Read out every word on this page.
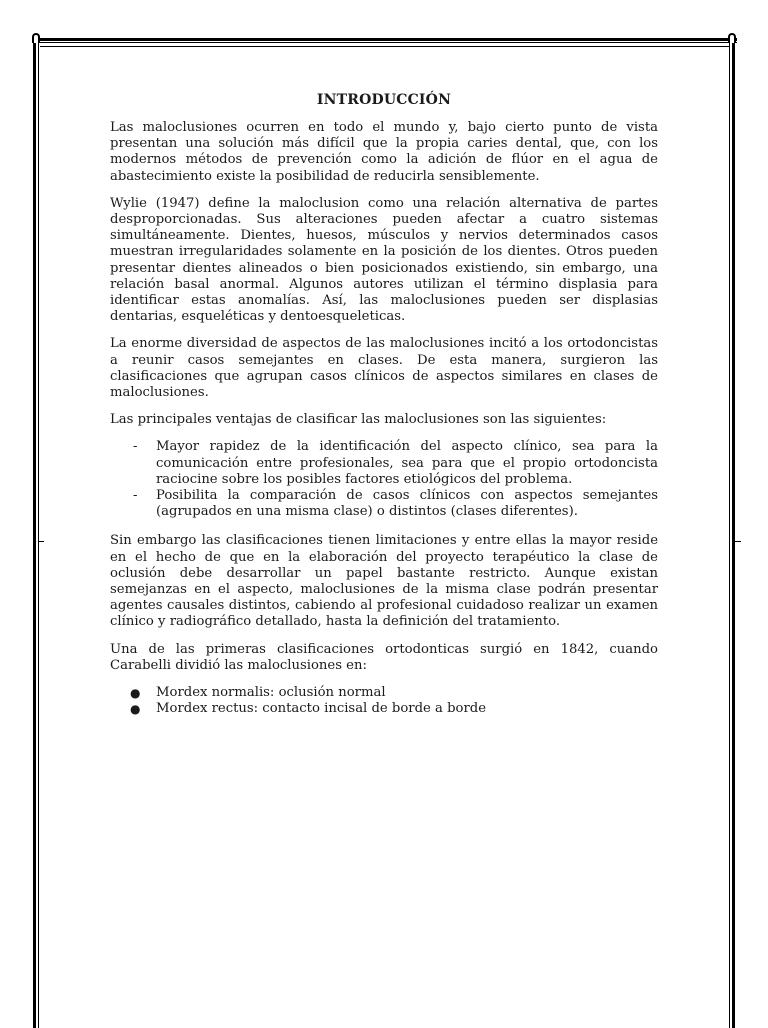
INTRODUCCIÓN

Las maloclusiones ocurren en todo el mundo y, bajo cierto punto de vista presentan una solución más difícil que la propia caries dental, que, con los modernos métodos de prevención como la adición de flúor en el agua de abastecimiento existe la posibilidad de reducirla sensiblemente.

Wylie (1947) define la maloclusion como una relación alternativa de partes desproporcionadas. Sus alteraciones pueden afectar a cuatro sistemas simultáneamente. Dientes, huesos, músculos y nervios determinados casos muestran irregularidades solamente en la posición de los dientes. Otros pueden presentar dientes alineados o bien posicionados existiendo, sin embargo, una relación basal anormal. Algunos autores utilizan el término displasia para identificar estas anomalías. Así, las maloclusiones pueden ser displasias dentarias, esqueléticas y dentoesqueleticas.

La enorme diversidad de aspectos de las maloclusiones incitó a los ortodoncistas a reunir casos semejantes en clases. De esta manera, surgieron las clasificaciones que agrupan casos clínicos de aspectos similares en clases de maloclusiones.

Las principales ventajas de clasificar las maloclusiones son las siguientes:

- Mayor rapidez de la identificación del aspecto clínico, sea para la comunicación entre profesionales, sea para que el propio ortodoncista raciocine sobre los posibles factores etiológicos del problema.
- Posibilita la comparación de casos clínicos con aspectos semejantes (agrupados en una misma clase) o distintos (clases diferentes).

Sin embargo las clasificaciones tienen limitaciones y entre ellas la mayor reside en el hecho de que en la elaboración del proyecto terapéutico la clase de oclusión debe desarrollar un papel bastante restricto. Aunque existan semejanzas en el aspecto, maloclusiones de la misma clase podrán presentar agentes causales distintos, cabiendo al profesional cuidadoso realizar un examen clínico y radiográfico detallado, hasta la definición del tratamiento.

Una de las primeras clasificaciones ortodonticas surgió en 1842, cuando Carabelli dividió las maloclusiones en:

● Mordex normalis: oclusión normal
● Mordex rectus: contacto incisal de borde a borde
